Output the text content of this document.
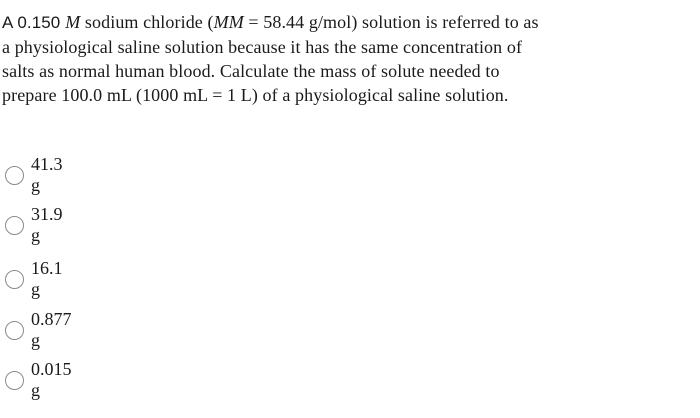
A 0.150 M sodium chloride (MM = 58.44 g/mol) solution is referred to as
a physiological saline solution because it has the same concentration of
salts as normal human blood. Calculate the mass of solute needed to
prepare 100.0 mL (1000 mL = 1 L) of a physiological saline solution.
41.3 g
31.9 g
16.1 g
0.877 g
0.015 g
